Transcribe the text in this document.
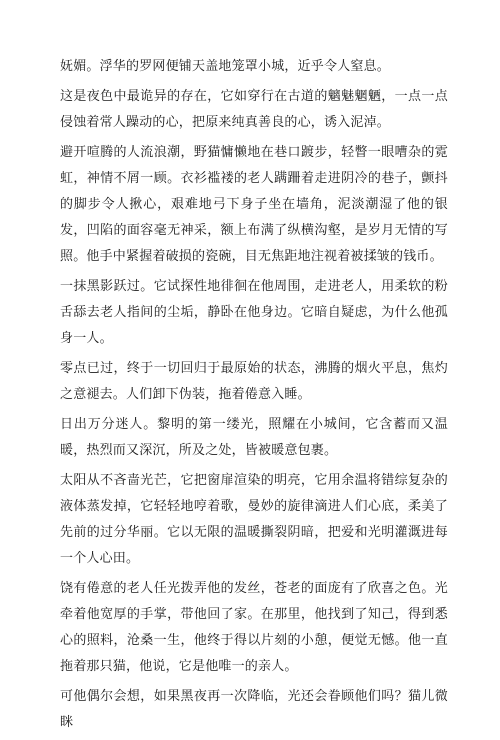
妩媚。浮华的罗网便铺天盖地笼罩小城，近乎令人窒息。

这是夜色中最诡异的存在，它如穿行在古道的魑魅魍魉，一点一点侵蚀着常人躁动的心，把原来纯真善良的心，诱入泥淖。

避开喧腾的人流浪潮，野猫慵懒地在巷口踱步，轻瞥一眼嘈杂的霓虹，神情不屑一顾。衣衫褴褛的老人蹒跚着走进阴冷的巷子，颤抖的脚步令人揪心，艰难地弓下身子坐在墙角，泥淡潮湿了他的银发，凹陷的面容毫无神采，额上布满了纵横沟壑，是岁月无情的写照。他手中紧握着破损的瓷碗，目无焦距地注视着被揉皱的钱币。

一抹黑影跃过。它试探性地徘徊在他周围，走进老人，用柔软的粉舌舔去老人指间的尘垢，静卧在他身边。它暗自疑虑，为什么他孤身一人。

零点已过，终于一切回归于最原始的状态，沸腾的烟火平息，焦灼之意褪去。人们卸下伪装，拖着倦意入睡。

日出万分迷人。黎明的第一缕光，照耀在小城间，它含蓄而又温暖，热烈而又深沉，所及之处，皆被暖意包裹。

太阳从不吝啬光芒，它把窗扉渲染的明亮，它用余温将错综复杂的液体蒸发掉，它轻轻地哼着歌，曼妙的旋律滴进人们心底，柔美了先前的过分华丽。它以无限的温暖撕裂阴暗，把爱和光明灌溉进每一个人心田。

饶有倦意的老人任光拨弄他的发丝，苍老的面庞有了欣喜之色。光牵着他宽厚的手掌，带他回了家。在那里，他找到了知己，得到悉心的照料，沧桑一生，他终于得以片刻的小憩，便觉无憾。他一直拖着那只猫，他说，它是他唯一的亲人。

可他偶尔会想，如果黑夜再一次降临，光还会眷顾他们吗？猫儿微眯
